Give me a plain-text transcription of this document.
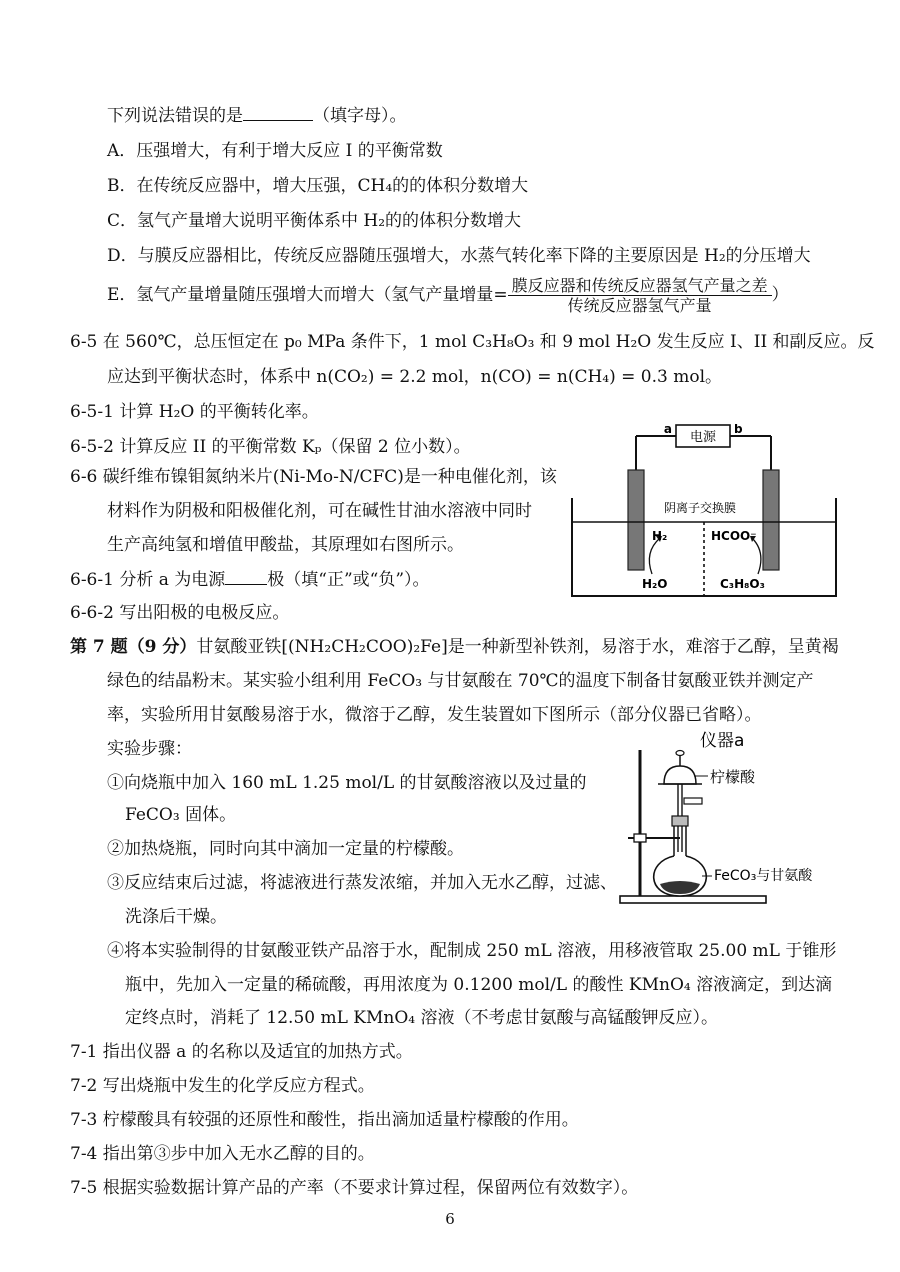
下列说法错误的是	（填字母）。
A．压强增大，有利于增大反应 I 的平衡常数
B．在传统反应器中，增大压强，CH₄的的体积分数增大
C．氢气产量增大说明平衡体系中 H₂的的体积分数增大
D．与膜反应器相比，传统反应器随压强增大，水蒸气转化率下降的主要原因是 H₂的分压增大
E．氢气产量增量随压强增大而增大（氢气产量增量= $\frac{\text{膜反应器和传统反应器氢气产量之差}}{\text{传统反应器氢气产量}}$ ）
6-5 在 560℃，总压恒定在 p₀ MPa 条件下，1 mol C₃H₈O₃ 和 9 mol H₂O 发生反应 I、II 和副反应。反
应达到平衡状态时，体系中 n(CO₂) = 2.2 mol，n(CO) = n(CH₄) = 0.3 mol。
6-5-1 计算 H₂O 的平衡转化率。
6-5-2 计算反应 II 的平衡常数 Kₚ（保留 2 位小数）。
6-6 碳纤维布镍钼氮纳米片(Ni-Mo-N/CFC)是一种电催化剂，该
材料作为阴极和阳极催化剂，可在碱性甘油水溶液中同时
生产高纯氢和增值甲酸盐，其原理如右图所示。
6-6-1 分析 a 为电源 极（填“正”或“负”）。
6-6-2 写出阳极的电极反应。
电源
a	b
阴离子交换膜
H₂	HCOO⁻
H₂O	C₃H₈O₃
第 7 题（9 分）甘氨酸亚铁[(NH₂CH₂COO)₂Fe]是一种新型补铁剂，易溶于水，难溶于乙醇，呈黄褐
绿色的结晶粉末。某实验小组利用 FeCO₃ 与甘氨酸在 70℃的温度下制备甘氨酸亚铁并测定产
率，实验所用甘氨酸易溶于水，微溶于乙醇，发生装置如下图所示（部分仪器已省略）。
实验步骤：
①向烧瓶中加入 160 mL 1.25 mol/L 的甘氨酸溶液以及过量的
FeCO₃ 固体。
②加热烧瓶，同时向其中滴加一定量的柠檬酸。
③反应结束后过滤，将滤液进行蒸发浓缩，并加入无水乙醇，过滤、
洗涤后干燥。
④将本实验制得的甘氨酸亚铁产品溶于水，配制成 250 mL 溶液，用移液管取 25.00 mL 于锥形
瓶中，先加入一定量的稀硫酸，再用浓度为 0.1200 mol/L 的酸性 KMnO₄ 溶液滴定，到达滴
定终点时，消耗了 12.50 mL KMnO₄ 溶液（不考虑甘氨酸与高锰酸钾反应）。
7-1 指出仪器 a 的名称以及适宜的加热方式。
7-2 写出烧瓶中发生的化学反应方程式。
7-3 柠檬酸具有较强的还原性和酸性，指出滴加适量柠檬酸的作用。
7-4 指出第③步中加入无水乙醇的目的。
7-5 根据实验数据计算产品的产率（不要求计算过程，保留两位有效数字）。
仪器a
柠檬酸
FeCO₃与甘氨酸
6
